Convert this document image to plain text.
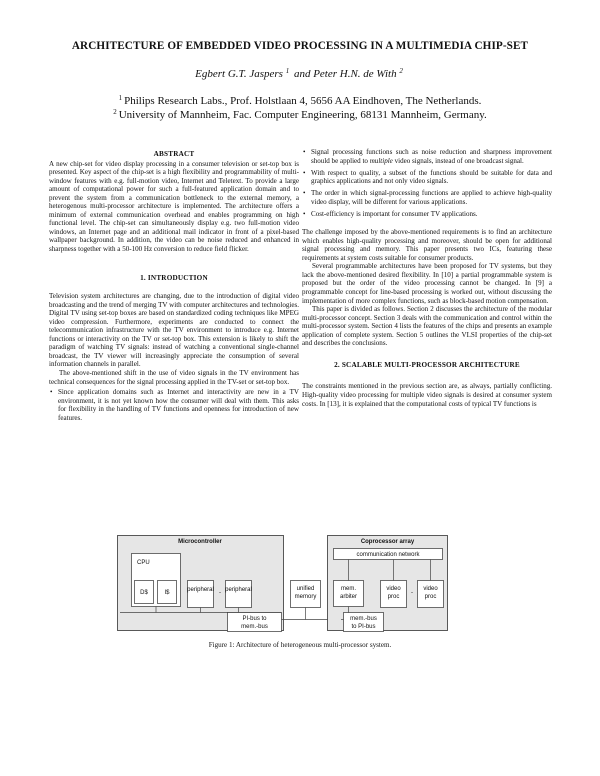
ARCHITECTURE OF EMBEDDED VIDEO PROCESSING IN A MULTIMEDIA CHIP-SET
Egbert G.T. Jaspers $^1$ and Peter H.N. de With $^2$
$^1$ Philips Research Labs., Prof. Holstlaan 4, 5656 AA Eindhoven, The Netherlands.
$^2$ University of Mannheim, Fac. Computer Engineering, 68131 Mannheim, Germany.
ABSTRACT

A new chip-set for video display processing in a consumer television or set-top box is presented. Key aspect of the chip-set is a high flexibility and programmability of multi-window features with e.g. full-motion video, Internet and Teletext. To provide a large amount of computational power for such a full-featured application domain and to prevent the system from a communication bottleneck to the external memory, a heterogenous multi-processor architecture is implemented. The architecture offers a minimum of external communication overhead and enables programming on high functional level. The chip-set can simultaneously display e.g. two full-motion video windows, an Internet page and an additional mail indicator in front of a pixel-based wallpaper background. In addition, the video can be noise reduced and enhanced in sharpness together with a 50-100 Hz conversion to reduce field flicker.

1. INTRODUCTION

Television system architectures are changing, due to the introduction of digital video broadcasting and the trend of merging TV with computer architectures and technologies. Digital TV using set-top boxes are based on standardized coding techniques like MPEG video compression. Furthermore, experiments are conducted to connect the telecommunication infrastructure with the TV environment to introduce e.g. Internet functions or interactivity on the TV or set-top box. This extension is likely to shift the paradigm of watching TV signals: instead of watching a conventional single-channel broadcast, the TV viewer will increasingly appreciate the consumption of several information channels in parallel.

The above-mentioned shift in the use of video signals in the TV environment has technical consequences for the signal processing applied in the TV-set or set-top box.

• Since application domains such as Internet and interactivity are new in a TV environment, it is not yet known how the consumer will deal with them. This asks for flexibility in the handling of TV functions and openness for introduction of new features.
• Signal processing functions such as noise reduction and sharpness improvement should be applied to multiple video signals, instead of one broadcast signal.
• With respect to quality, a subset of the functions should be suitable for data and graphics applications and not only video signals.
• The order in which signal-processing functions are applied to achieve high-quality video display, will be different for various applications.
• Cost-efficiency is important for consumer TV applications.

The challenge imposed by the above-mentioned requirements is to find an architecture which enables high-quality processing and moreover, should be open for additional signal processing and memory. This paper presents two ICs, featuring these requirements at system costs suitable for consumer products.

Several programmable architectures have been proposed for TV systems, but they lack the above-mentioned desired flexibility. In [10] a partial programmable system is proposed but the order of the video processing cannot be changed. In [9] a programmable concept for line-based processing is worked out, without discussing the implementation of more complex functions, such as block-based motion compensation.

This paper is divided as follows. Section 2 discusses the architecture of the modular multi-processor concept. Section 3 deals with the communication and control within the multi-processor system. Section 4 lists the features of the chips and presents an example application of complete system. Section 5 outlines the VLSI properties of the chip-set and describes the conclusions.

2. SCALABLE MULTI-PROCESSOR ARCHITECTURE

The constraints mentioned in the previous section are, as always, partially conflicting. High-quality video processing for multiple video signals is desired at consumer system costs. In [13], it is explained that the computational costs of typical TV functions is

Microcontroller
CPU
D$	I$	peripheral - peripheral
PI-bus to
mem.-bus
unified
memory
Coprocessor array
communication network
mem.
arbiter
video
proc
-
video
proc
mem.-bus
to PI-bus
Figure 1: Architecture of heterogeneous multi-processor system.
